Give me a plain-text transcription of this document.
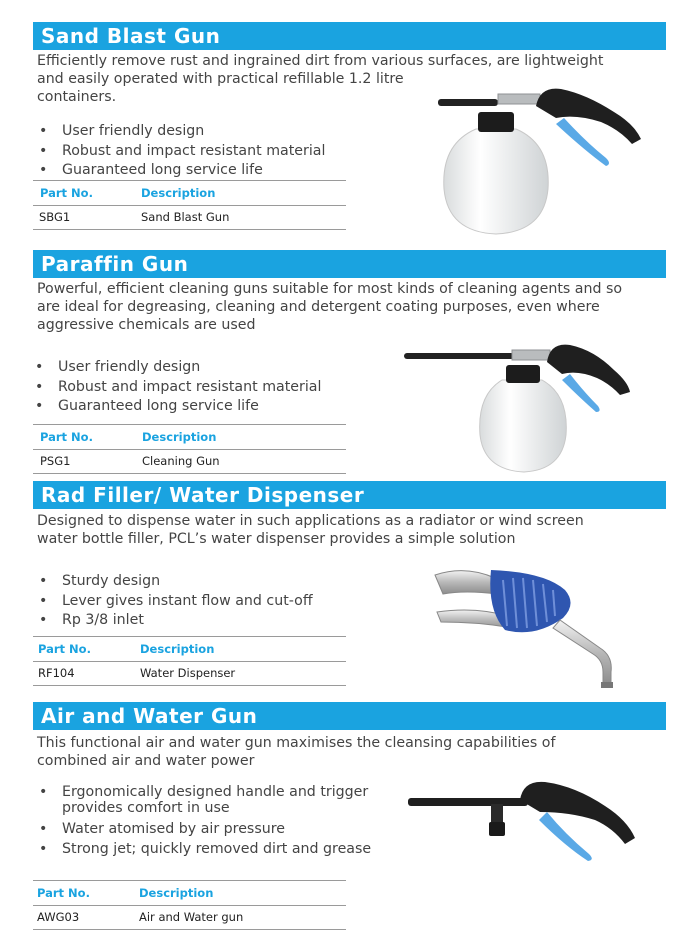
Sand Blast Gun
Efficiently remove rust and ingrained dirt from various surfaces, are lightweight
and easily operated with practical refillable 1.2 litre
containers.
• User friendly design
• Robust and impact resistant material
• Guaranteed long service life
Part No.	Description
SBG1	Sand Blast Gun
Paraffin Gun
Powerful, efficient cleaning guns suitable for most kinds of cleaning agents and so
are ideal for degreasing, cleaning and detergent coating purposes, even where
aggressive chemicals are used
• User friendly design
• Robust and impact resistant material
• Guaranteed long service life
Part No.	Description
PSG1	Cleaning Gun
Rad Filler/ Water Dispenser
Designed to dispense water in such applications as a radiator or wind screen
water bottle filler, PCL’s water dispenser provides a simple solution
• Sturdy design
• Lever gives instant flow and cut-off
• Rp 3/8 inlet
Part No.	Description
RF104	Water Dispenser
Air and Water Gun
This functional air and water gun maximises the cleansing capabilities of
combined air and water power
• Ergonomically designed handle and trigger provides comfort in use
• Water atomised by air pressure
• Strong jet; quickly removed dirt and grease
Part No.	Description
AWG03	Air and Water gun
